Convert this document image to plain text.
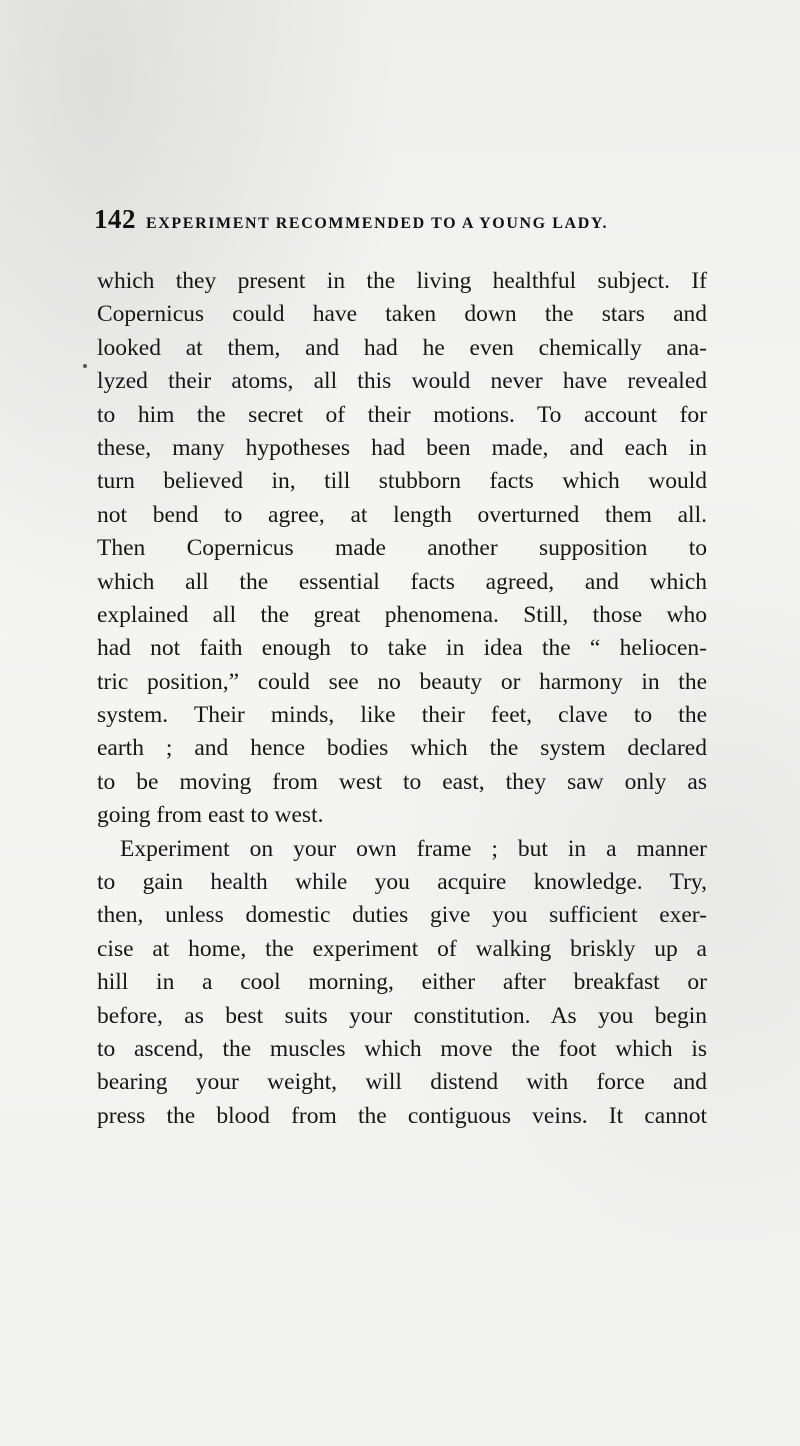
142 EXPERIMENT RECOMMENDED TO A YOUNG LADY.
which they present in the living healthful subject. If
Copernicus could have taken down the stars and
looked at them, and had he even chemically ana-
lyzed their atoms, all this would never have revealed
to him the secret of their motions. To account for
these, many hypotheses had been made, and each in
turn believed in, till stubborn facts which would
not bend to agree, at length overturned them all.
Then Copernicus made another supposition to
which all the essential facts agreed, and which
explained all the great phenomena. Still, those who
had not faith enough to take in idea the “ heliocen-
tric position,” could see no beauty or harmony in the
system. Their minds, like their feet, clave to the
earth ; and hence bodies which the system declared
to be moving from west to east, they saw only as
going from east to west.
Experiment on your own frame ; but in a manner
to gain health while you acquire knowledge. Try,
then, unless domestic duties give you sufficient exer-
cise at home, the experiment of walking briskly up a
hill in a cool morning, either after breakfast or
before, as best suits your constitution. As you begin
to ascend, the muscles which move the foot which is
bearing your weight, will distend with force and
press the blood from the contiguous veins. It cannot
